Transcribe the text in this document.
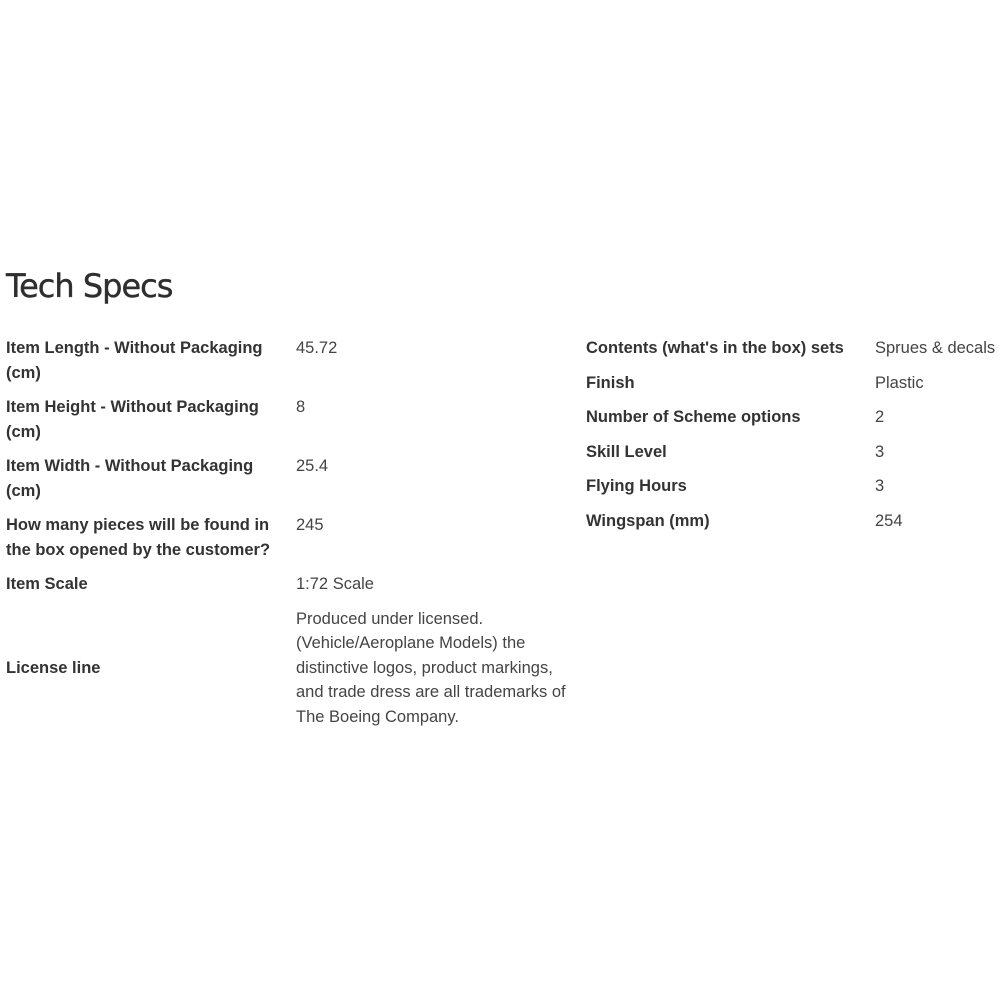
Tech Specs
Item Length - Without Packaging (cm)	45.72
Item Height - Without Packaging (cm)	8
Item Width - Without Packaging (cm)	25.4
How many pieces will be found in the box opened by the customer?	245
Item Scale	1:72 Scale
License line	Produced under licensed. (Vehicle/Aeroplane Models) the distinctive logos, product markings, and trade dress are all trademarks of The Boeing Company.
Contents (what's in the box) sets	Sprues & decals
Finish	Plastic
Number of Scheme options	2
Skill Level	3
Flying Hours	3
Wingspan (mm)	254
